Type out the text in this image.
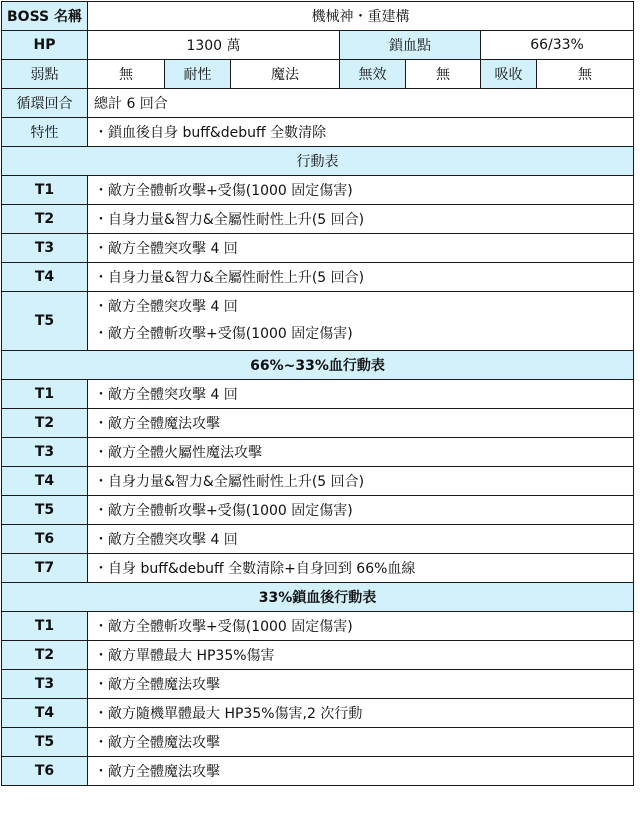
BOSS 名稱	機械神・重建構						
HP	1300 萬			鎖血點		66/33%	
弱點	無	耐性	魔法	無效	無	吸收	無
循環回合	總計 6 回合						
特性	・鎖血後自身 buff&debuff 全數清除						
行動表							
T1	・敵方全體斬攻擊+受傷(1000 固定傷害)						
T2	・自身力量&智力&全屬性耐性上升(5 回合)						
T3	・敵方全體突攻擊 4 回						
T4	・自身力量&智力&全屬性耐性上升(5 回合)						
T5	・敵方全體突攻擊 4 回
・敵方全體斬攻擊+受傷(1000 固定傷害)						

66%~33%血行動表							
T1	・敵方全體突攻擊 4 回						
T2	・敵方全體魔法攻擊						
T3	・敵方全體火屬性魔法攻擊						
T4	・自身力量&智力&全屬性耐性上升(5 回合)						
T5	・敵方全體斬攻擊+受傷(1000 固定傷害)						
T6	・敵方全體突攻擊 4 回						
T7	・自身 buff&debuff 全數清除+自身回到 66%血線						
33%鎖血後行動表							
T1	・敵方全體斬攻擊+受傷(1000 固定傷害)						
T2	・敵方單體最大 HP35%傷害						
T3	・敵方全體魔法攻擊						
T4	・敵方隨機單體最大 HP35%傷害,2 次行動						
T5	・敵方全體魔法攻擊						
T6	・敵方全體魔法攻擊						
